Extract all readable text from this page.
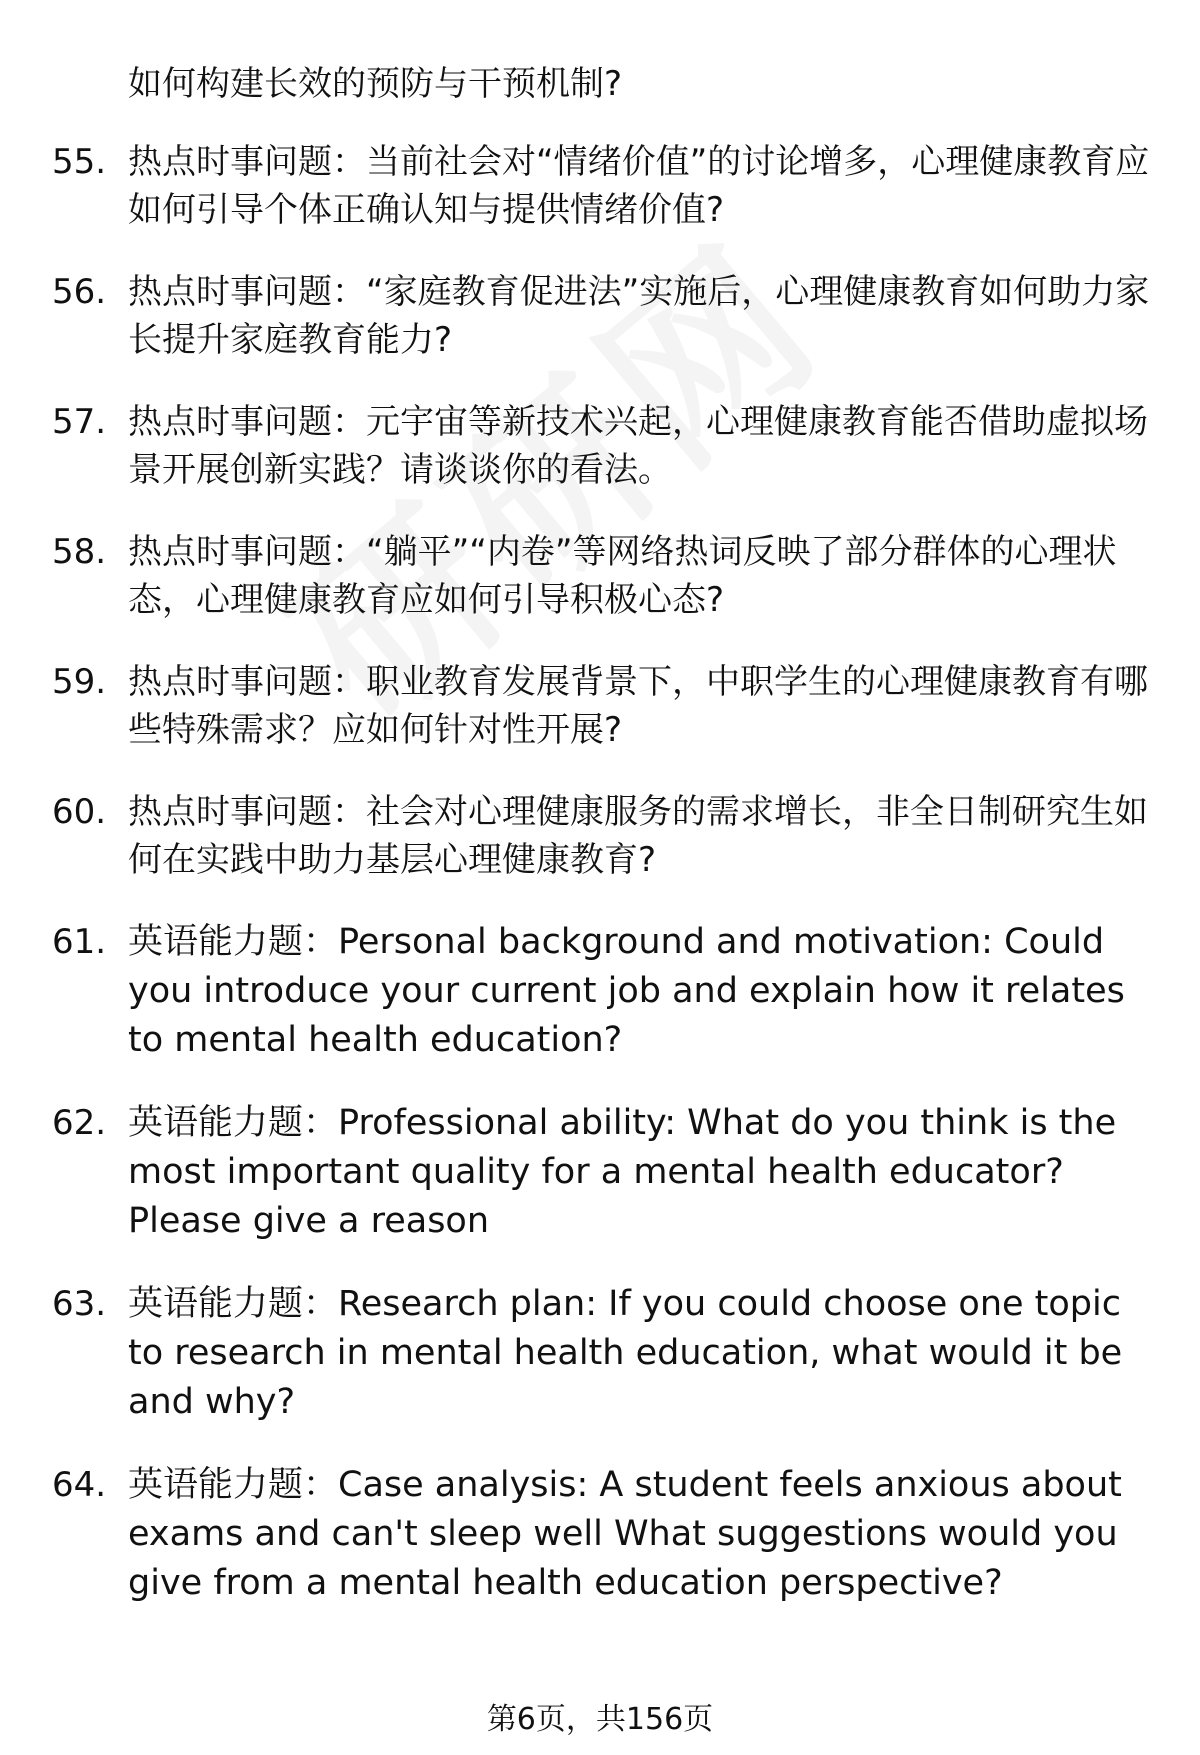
如何构建长效的预防与干预机制?

55. 热点时事问题：当前社会对“情绪价值”的讨论增多，心理健康教育应如何引导个体正确认知与提供情绪价值?
56. 热点时事问题：“家庭教育促进法”实施后，心理健康教育如何助力家长提升家庭教育能力?
57. 热点时事问题：元宇宙等新技术兴起，心理健康教育能否借助虚拟场景开展创新实践？请谈谈你的看法。
58. 热点时事问题：“躺平”“内卷”等网络热词反映了部分群体的心理状态，心理健康教育应如何引导积极心态?
59. 热点时事问题：职业教育发展背景下，中职学生的心理健康教育有哪些特殊需求？应如何针对性开展?
60. 热点时事问题：社会对心理健康服务的需求增长，非全日制研究生如何在实践中助力基层心理健康教育?
61. 英语能力题：Personal background and motivation: Could you introduce your current job and explain how it relates to mental health education?
62. 英语能力题：Professional ability: What do you think is the most important quality for a mental health educator? Please give a reason
63. 英语能力题：Research plan: If you could choose one topic to research in mental health education, what would it be and why?
64. 英语能力题：Case analysis: A student feels anxious about exams and can't sleep well What suggestions would you give from a mental health education perspective?

第6页，共156页
